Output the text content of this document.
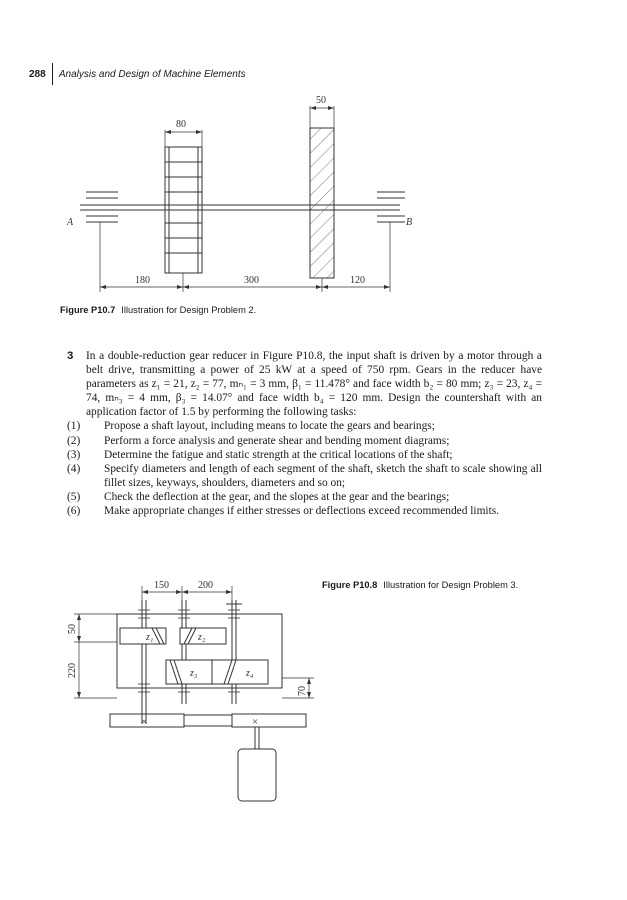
288	Analysis and Design of Machine Elements
A	B
80
50
180	300	120
Figure P10.7 Illustration for Design Problem 2.
3 In a double-reduction gear reducer in Figure P10.8, the input shaft is driven by a motor through a belt drive, transmitting a power of 25 kW at a speed of 750 rpm. Gears in the reducer have parameters as z₁ = 21, z₂ = 77, mₙ₁ = 3 mm, β₁ = 11.478° and face width b₂ = 80 mm; z₃ = 23, z₄ = 74, mₙ₃ = 4 mm, β₃ = 14.07° and face width b₄ = 120 mm. Design the countershaft with an application factor of 1.5 by performing the following tasks:
(1)	Propose a shaft layout, including means to locate the gears and bearings;
(2)	Perform a force analysis and generate shear and bending moment diagrams;
(3)	Determine the fatigue and static strength at the critical locations of the shaft;
(4)	Specify diameters and length of each segment of the shaft, sketch the shaft to scale showing all fillet sizes, keyways, shoulders, diameters and so on;
(5)	Check the deflection at the gear, and the slopes at the gear and the bearings;
(6)	Make appropriate changes if either stresses or deflections exceed recommended limits.
150	200
50
220
70
z₁	z₂
z₃	z₄
×	×
Figure P10.8 Illustration for Design Problem 3.
